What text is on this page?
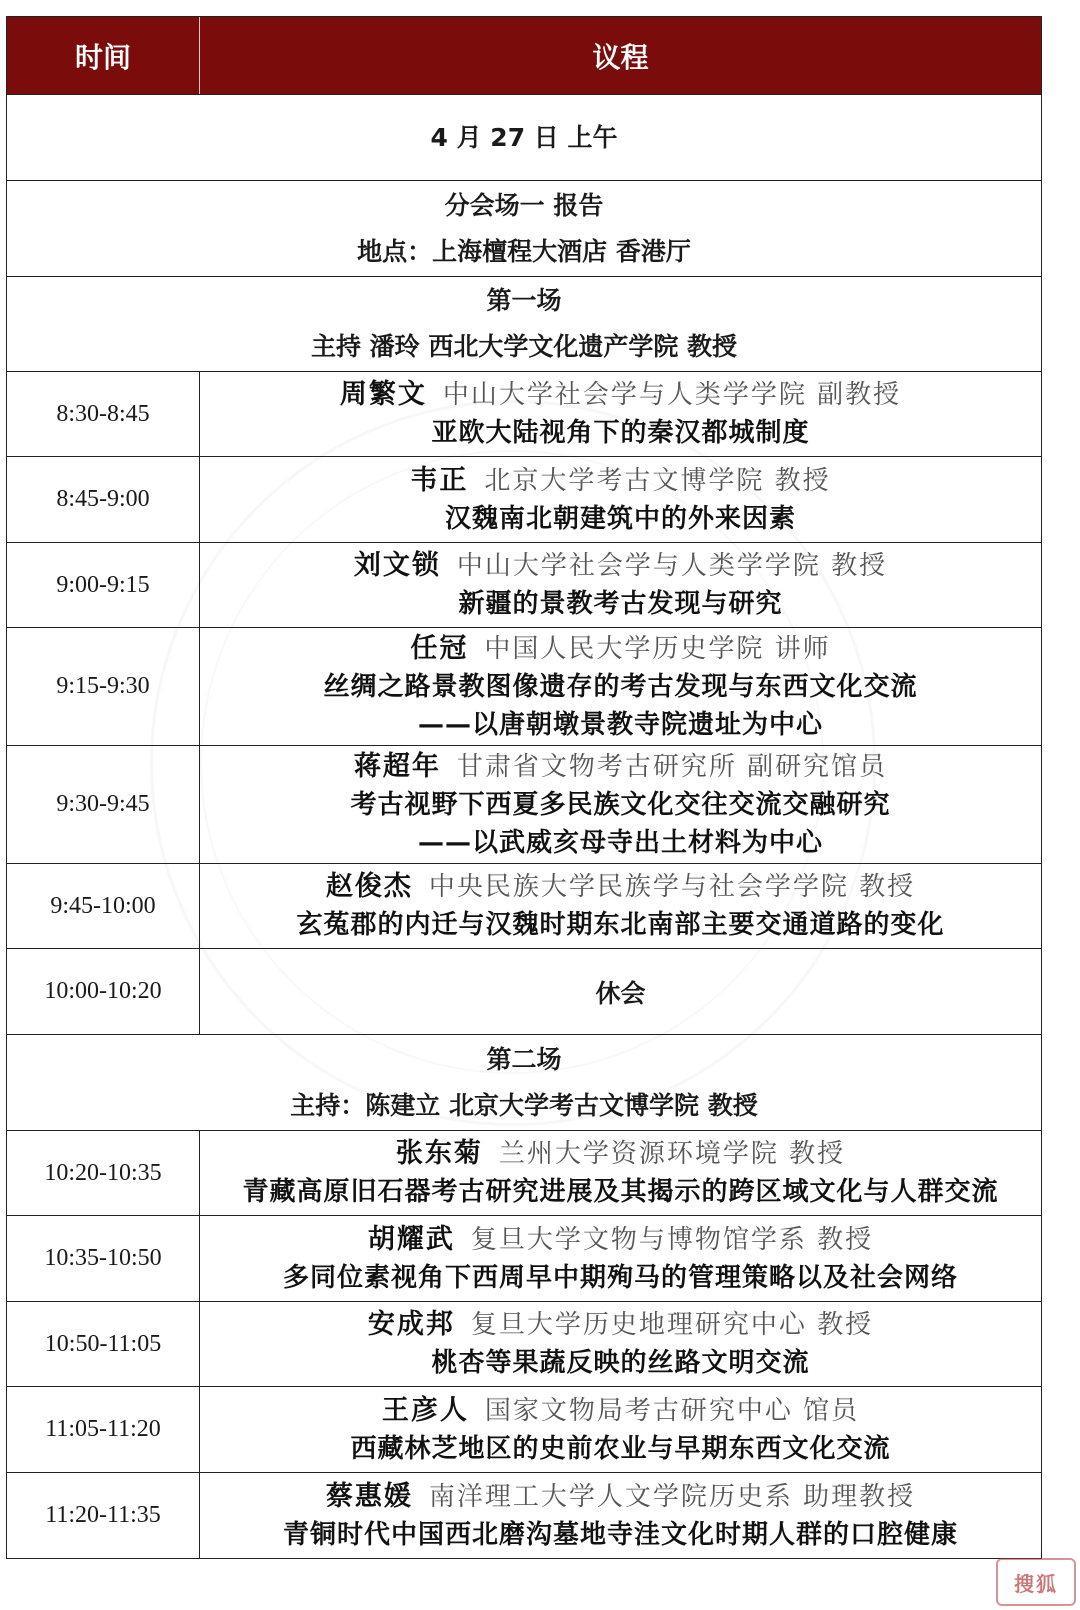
时间	议程
4 月 27 日 上午
分会场一 报告
地点：上海檀程大酒店 香港厅
第一场
主持 潘玲 西北大学文化遗产学院 教授
8:30-8:45
周繁文 中山大学社会学与人类学学院 副教授
亚欧大陆视角下的秦汉都城制度
8:45-9:00
韦正 北京大学考古文博学院 教授
汉魏南北朝建筑中的外来因素
9:00-9:15
刘文锁 中山大学社会学与人类学学院 教授
新疆的景教考古发现与研究
9:15-9:30
任冠 中国人民大学历史学院 讲师
丝绸之路景教图像遗存的考古发现与东西文化交流
——以唐朝墩景教寺院遗址为中心
9:30-9:45
蒋超年 甘肃省文物考古研究所 副研究馆员
考古视野下西夏多民族文化交往交流交融研究
——以武威亥母寺出土材料为中心
9:45-10:00
赵俊杰 中央民族大学民族学与社会学学院 教授
玄菟郡的内迁与汉魏时期东北南部主要交通道路的变化
10:00-10:20	休会
第二场
主持：陈建立 北京大学考古文博学院 教授
10:20-10:35
张东菊 兰州大学资源环境学院 教授
青藏高原旧石器考古研究进展及其揭示的跨区域文化与人群交流
10:35-10:50
胡耀武 复旦大学文物与博物馆学系 教授
多同位素视角下西周早中期殉马的管理策略以及社会网络
10:50-11:05
安成邦 复旦大学历史地理研究中心 教授
桃杏等果蔬反映的丝路文明交流
11:05-11:20
王彦人 国家文物局考古研究中心 馆员
西藏林芝地区的史前农业与早期东西文化交流
11:20-11:35
蔡惠媛 南洋理工大学人文学院历史系 助理教授
青铜时代中国西北磨沟墓地寺洼文化时期人群的口腔健康
搜狐
